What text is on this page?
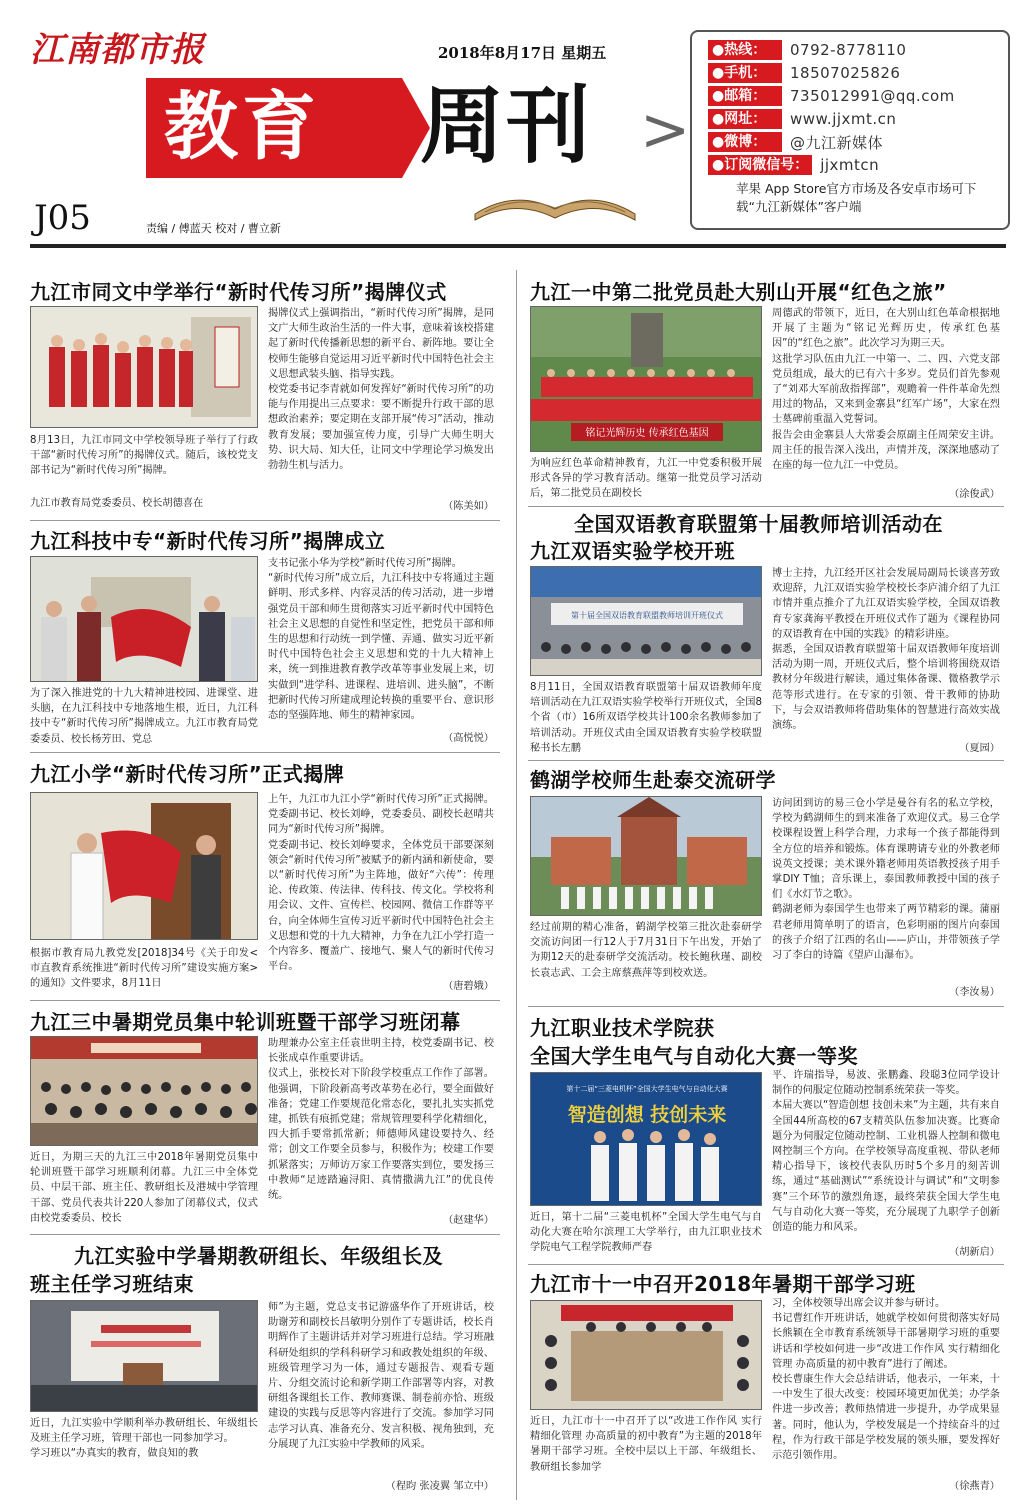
江南都市报	2018年8月17日 星期五
教育 周刊 >
J05	责编 / 傅蓝天 校对 / 曹立新
●热线：	0792-8778110
●手机：	18507025826
●邮箱：	735012991@qq.com
●网址：	www.jjxmt.cn
●微博：	@九江新媒体
●订阅微信号： jjxmtcn
苹果 App Store官方市场及各安卓市场可下载“九江新媒体”客户端
九江市同文中学举行“新时代传习所”揭牌仪式
8月13日，九江市同文中学校领导班子举行了行政干部“新时代传习所”的揭牌仪式。随后，该校党支部书记为“新时代传习所”揭牌。
九江市教育局党委委员、校长胡德喜在
揭牌仪式上强调指出，“新时代传习所”揭牌，是同文广大师生政治生活的一件大事，意味着该校搭建起了新时代传播新思想的新平台、新阵地。要让全校师生能够自觉运用习近平新时代中国特色社会主义思想武装头脑、指导实践。
校党委书记李青就如何发挥好“新时代传习所”的功能与作用提出三点要求：要不断提升行政干部的思想政治素养；要定期在支部开展“传习”活动，推动教育发展；要加强宣传力度，引导广大师生明大势、识大局、知大任，让同文中学理论学习焕发出勃勃生机与活力。
（陈美如）
九江科技中专“新时代传习所”揭牌成立
为了深入推进党的十九大精神进校园、进课堂、进头脑，在九江科技中专地落地生根，近日，九江科技中专“新时代传习所”揭牌成立。九江市教育局党委委员、校长杨芳田、党总
支书记张小华为学校“新时代传习所”揭牌。
“新时代传习所”成立后，九江科技中专将通过主题鲜明、形式多样、内容灵活的传习活动，进一步增强党员干部和师生贯彻落实习近平新时代中国特色社会主义思想的自觉性和坚定性，把党员干部和师生的思想和行动统一到学懂、弄通、做实习近平新时代中国特色社会主义思想和党的十九大精神上来，统一到推进教育教学改革等事业发展上来，切实做到“进学科、进课程、进培训、进头脑”，不断把新时代传习所建成理论转换的重要平台、意识形态的坚强阵地、师生的精神家园。
（高悦悦）
九江小学“新时代传习所”正式揭牌
根据市教育局九教党发[2018]34号《关于印发<市直教育系统推进“新时代传习所”建设实施方案>的通知》文件要求，8月11日
上午，九江市九江小学“新时代传习所”正式揭牌。党委副书记、校长刘峥，党委委员、副校长赵晴共同为“新时代传习所”揭牌。
党委副书记、校长刘峥要求，全体党员干部要深刻领会“新时代传习所”被赋予的新内涵和新使命，要以“新时代传习所”为主阵地，做好“六传”：传理论、传政策、传法律、传科技、传文化。学校将利用会议、文件、宣传栏、校园网、微信工作群等平台，向全体师生宣传习近平新时代中国特色社会主义思想和党的十九大精神，力争在九江小学打造一个内容多、覆盖广、接地气、聚人气的新时代传习平台。
（唐碧娥）
九江三中暑期党员集中轮训班暨干部学习班闭幕
近日，为期三天的九江三中2018年暑期党员集中轮训班暨干部学习班顺利闭幕。九江三中全体党员、中层干部、班主任、教研组长及港城中学管理干部、党员代表共计220人参加了闭幕仪式，仪式由校党委委员、校长
助理兼办公室主任袁世明主持，校党委副书记、校长张成卓作重要讲话。
仪式上，张校长对下阶段学校重点工作作了部署。他强调，下阶段新高考改革势在必行，要全面做好准备；党建工作要规范化常态化，要扎扎实实抓党建，抓铁有痕抓党建；常规管理要科学化精细化，四大抓手要常抓常新；师德师风建设要持久、经常；创文工作要全员参与，积极作为；校建工作要抓紧落实；万师访万家工作要落实到位，要发扬三中教师“足迹踏遍浔阳、真情撒满九江”的优良传统。
（赵建华）
九江实验中学暑期教研组长、年级组长及
班主任学习班结束
近日，九江实验中学顺利举办教研组长、年级组长及班主任学习班，管理干部也一同参加学习。
学习班以“办真实的教育，做良知的教
师”为主题，党总支书记游盛华作了开班讲话，校助谢芳和副校长吕敏明分别作了专题讲话，校长肖明辉作了主题讲话并对学习班进行总结。学习班融科研处组织的学科科研学习和政教处组织的年级、班级管理学习为一体，通过专题报告、观看专题片、分组交流讨论和新学期工作部署等内容，对教研组各课组长工作、教师赛课、制卷前亦恰、班级建设的实践与反思等内容进行了交流。参加学习同志学习认真、准备充分、发言积极、视角独到，充分展现了九江实验中学教师的风采。
（程昀 张凌翼 邹立中）
九江一中第二批党员赴大别山开展“红色之旅”
铭记光辉历史 传承红色基因
为响应红色革命精神教育，九江一中党委积极开展形式各异的学习教育活动。继第一批党员学习活动后，第二批党员在副校长
周德武的带领下，近日，在大别山红色革命根据地开展了主题为“铭记光辉历史，传承红色基因”的“红色之旅”。此次学习为期三天。
这批学习队伍由九江一中第一、二、四、六党支部党员组成，最大的已有六十多岁。党员们首先参观了“刘邓大军前敌指挥部”，观瞻着一件件革命先烈用过的物品，又来到金寨县“红军广场”，大家在烈士墓碑前重温入党誓词。
报告会由金寨县人大常委会原副主任周荣安主讲。周主任的报告深入浅出，声情并茂，深深地感动了在座的每一位九江一中党员。
（涂俊武）
全国双语教育联盟第十届教师培训活动在
九江双语实验学校开班
第十届全国双语教育联盟教师培训开班仪式
8月11日，全国双语教育联盟第十届双语教师年度培训活动在九江双语实验学校举行开班仪式，全国8个省（市）16所双语学校共计100余名教师参加了培训活动。开班仪式由全国双语教育实验学校联盟秘书长左鹏
博士主持，九江经开区社会发展局副局长谈喜芳致欢迎辞，九江双语实验学校校长李庐浦介绍了九江市情并重点推介了九江双语实验学校，全国双语教育专家龚海平教授在开班仪式作了题为《课程协同的双语教育在中国的实践》的精彩讲座。
据悉，全国双语教育联盟第十届双语教师年度培训活动为期一周，开班仪式后，整个培训将围绕双语教材分年级进行解读，通过集体备课、微格教学示范等形式进行。在专家的引领、骨干教师的协助下，与会双语教师将借助集体的智慧进行高效实战演练。
（夏园）
鹤湖学校师生赴泰交流研学
经过前期的精心准备，鹤湖学校第三批次赴泰研学交流访问团一行12人于7月31日下午出发，开始了为期12天的赴泰研学交流活动。校长鲍秋瑾、副校长袁志武、工会主席蔡燕萍等到校欢送。
访问团到访的易三仓小学是曼谷有名的私立学校，学校为鹤湖师生的到来准备了欢迎仪式。易三仓学校课程设置上科学合理，力求每一个孩子都能得到全方位的培养和锻炼。体育课聘请专业的外教老师说英文授课；美术课外籍老师用英语教授孩子用手掌DIY T恤；音乐课上，泰国教师教授中国的孩子们《水灯节之歌》。
鹤湖老师为泰国学生也带来了两节精彩的课。蒲丽君老师用简单明了的语言，色彩明丽的图片向泰国的孩子介绍了江西的名山——庐山，并带领孩子学习了李白的诗篇《望庐山瀑布》。
（李汝易）
九江职业技术学院获
全国大学生电气与自动化大赛一等奖
第十二届“三菱电机杯”全国大学生电气与自动化大赛
智造创想 技创未来
近日，第十二届“三菱电机杯”全国大学生电气与自动化大赛在哈尔滨理工大学举行，由九江职业技术学院电气工程学院教师严春
平、许瑞指导，易波、张鹏鑫、段聪3位同学设计制作的伺服定位随动控制系统荣获一等奖。
本届大赛以“智造创想 技创未来”为主题，共有来自全国44所高校的67支精英队伍参加决赛。比赛命题分为伺服定位随动控制、工业机器人控制和微电网控制三个方向。在学校领导高度重视、带队老师精心指导下，该校代表队历时5个多月的刻苦训练，通过“基础测试”“系统设计与调试”和“文明参赛”三个环节的激烈角逐，最终荣获全国大学生电气与自动化大赛一等奖，充分展现了九职学子创新创造的能力和风采。
（胡新启）
九江市十一中召开2018年暑期干部学习班
近日，九江市十一中召开了以“改进工作作风 实行精细化管理 办高质量的初中教育”为主题的2018年暑期干部学习班。全校中层以上干部、年级组长、教研组长参加学
习，全体校领导出席会议并参与研讨。
书记曹红作开班讲话，她就学校如何贯彻落实好局长熊颖在全市教育系统领导干部暑期学习班的重要讲话和学校如何进一步“改进工作作风 实行精细化管理 办高质量的初中教育”进行了阐述。
校长曹康生作大会总结讲话，他表示，一年来，十一中发生了很大改变：校园环境更加优美；办学条件进一步改善；教师热情进一步提升，办学成果显著。同时，他认为，学校发展是一个持续奋斗的过程，作为行政干部是学校发展的领头雁，要发挥好示范引领作用。
（徐燕青）
